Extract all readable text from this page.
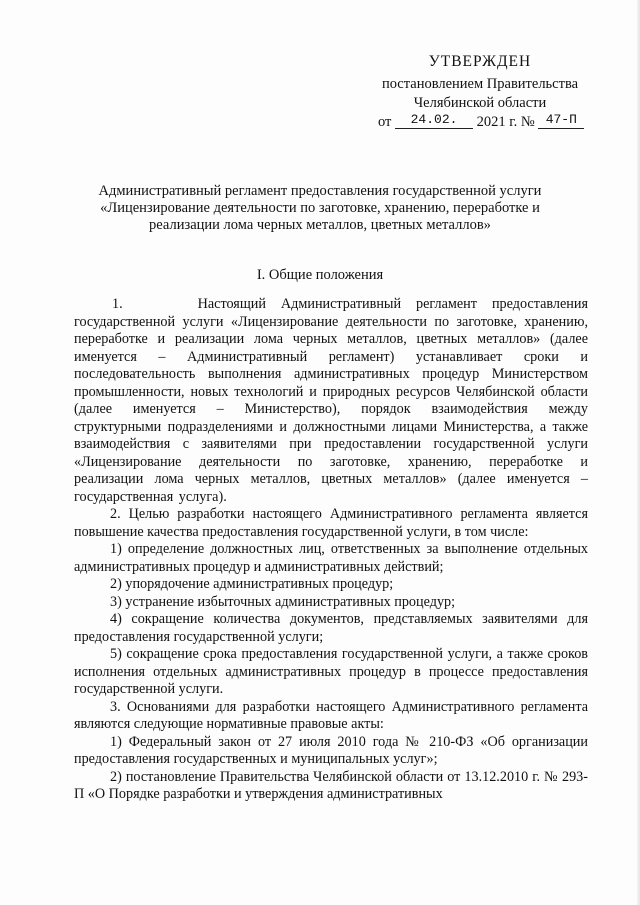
УТВЕРЖДЕН
постановлением Правительства
Челябинской области
от 24.02. 2021 г. № 47-П
Административный регламент предоставления государственной услуги
«Лицензирование деятельности по заготовке, хранению, переработке и
реализации лома черных металлов, цветных металлов»
I. Общие положения

1.     Настоящий Административный регламент предоставления государственной услуги «Лицензирование деятельности по заготовке, хранению, переработке и реализации лома черных металлов, цветных металлов» (далее именуется – Административный регламент) устанавливает сроки и последовательность выполнения административных процедур Министерством промышленности, новых технологий и природных ресурсов Челябинской области (далее именуется – Министерство), порядок взаимодействия между структурными подразделениями и должностными лицами Министерства, а также взаимодействия с заявителями при предоставлении государственной услуги «Лицензирование деятельности по заготовке, хранению, переработке и реализации лома черных металлов, цветных металлов» (далее именуется – государственная услуга).

2. Целью разработки настоящего Административного регламента является повышение качества предоставления государственной услуги, в том числе:

1) определение должностных лиц, ответственных за выполнение отдельных административных процедур и административных действий;

2) упорядочение административных процедур;

3) устранение избыточных административных процедур;

4) сокращение количества документов, представляемых заявителями для предоставления государственной услуги;

5) сокращение срока предоставления государственной услуги, а также сроков исполнения отдельных административных процедур в процессе предоставления государственной услуги.

3. Основаниями для разработки настоящего Административного регламента являются следующие нормативные правовые акты:

1) Федеральный закон от 27 июля 2010 года № 210-ФЗ «Об организации предоставления государственных и муниципальных услуг»;

2) постановление Правительства Челябинской области от 13.12.2010 г. № 293-П «О Порядке разработки и утверждения административных
